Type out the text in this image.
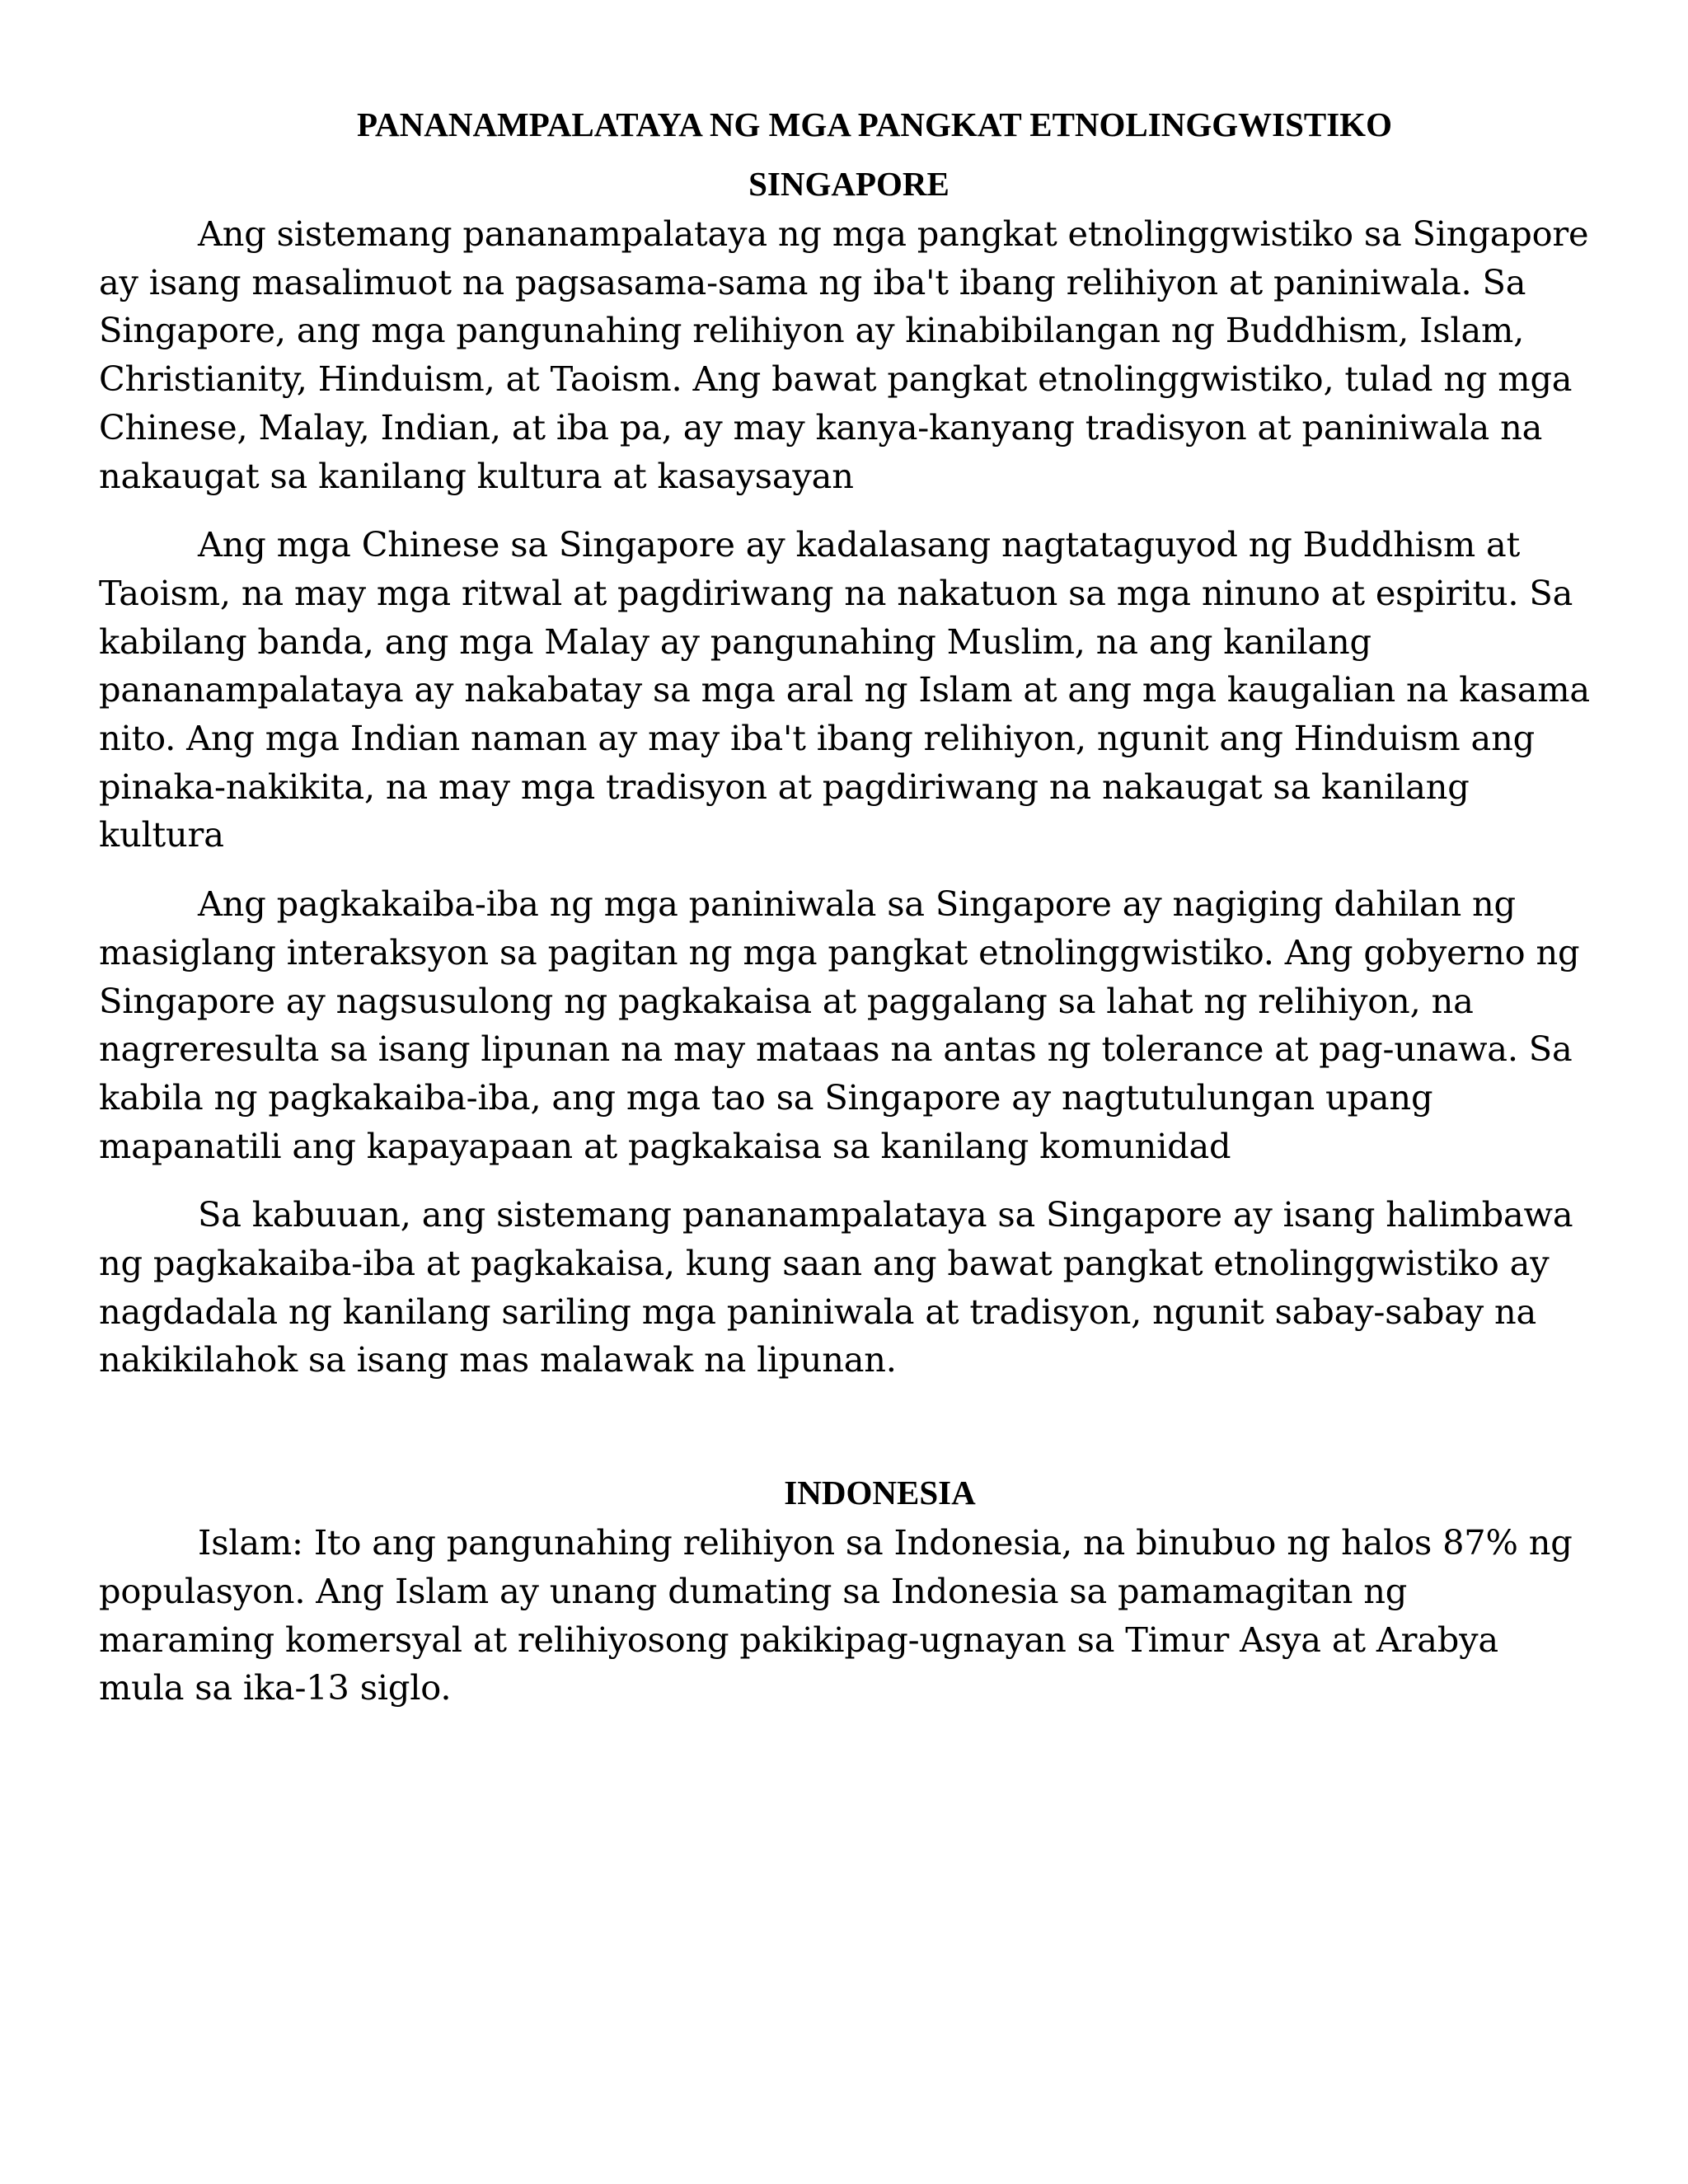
PANANAMPALATAYA NG MGA PANGKAT ETNOLINGGWISTIKO
SINGAPORE

Ang sistemang pananampalataya ng mga pangkat etnolinggwistiko sa Singapore ay isang masalimuot na pagsasama-sama ng iba't ibang relihiyon at paniniwala. Sa Singapore, ang mga pangunahing relihiyon ay kinabibilangan ng Buddhism, Islam, Christianity, Hinduism, at Taoism. Ang bawat pangkat etnolinggwistiko, tulad ng mga Chinese, Malay, Indian, at iba pa, ay may kanya-kanyang tradisyon at paniniwala na nakaugat sa kanilang kultura at kasaysayan

Ang mga Chinese sa Singapore ay kadalasang nagtataguyod ng Buddhism at Taoism, na may mga ritwal at pagdiriwang na nakatuon sa mga ninuno at espiritu. Sa kabilang banda, ang mga Malay ay pangunahing Muslim, na ang kanilang pananampalataya ay nakabatay sa mga aral ng Islam at ang mga kaugalian na kasama nito. Ang mga Indian naman ay may iba't ibang relihiyon, ngunit ang Hinduism ang pinaka-nakikita, na may mga tradisyon at pagdiriwang na nakaugat sa kanilang kultura

Ang pagkakaiba-iba ng mga paniniwala sa Singapore ay nagiging dahilan ng masiglang interaksyon sa pagitan ng mga pangkat etnolinggwistiko. Ang gobyerno ng Singapore ay nagsusulong ng pagkakaisa at paggalang sa lahat ng relihiyon, na nagreresulta sa isang lipunan na may mataas na antas ng tolerance at pag-unawa. Sa kabila ng pagkakaiba-iba, ang mga tao sa Singapore ay nagtutulungan upang mapanatili ang kapayapaan at pagkakaisa sa kanilang komunidad

Sa kabuuan, ang sistemang pananampalataya sa Singapore ay isang halimbawa ng pagkakaiba-iba at pagkakaisa, kung saan ang bawat pangkat etnolinggwistiko ay nagdadala ng kanilang sariling mga paniniwala at tradisyon, ngunit sabay-sabay na nakikilahok sa isang mas malawak na lipunan.

INDONESIA

Islam: Ito ang pangunahing relihiyon sa Indonesia, na binubuo ng halos 87% ng populasyon. Ang Islam ay unang dumating sa Indonesia sa pamamagitan ng maraming komersyal at relihiyosong pakikipag-ugnayan sa Timur Asya at Arabya mula sa ika-13 siglo.
